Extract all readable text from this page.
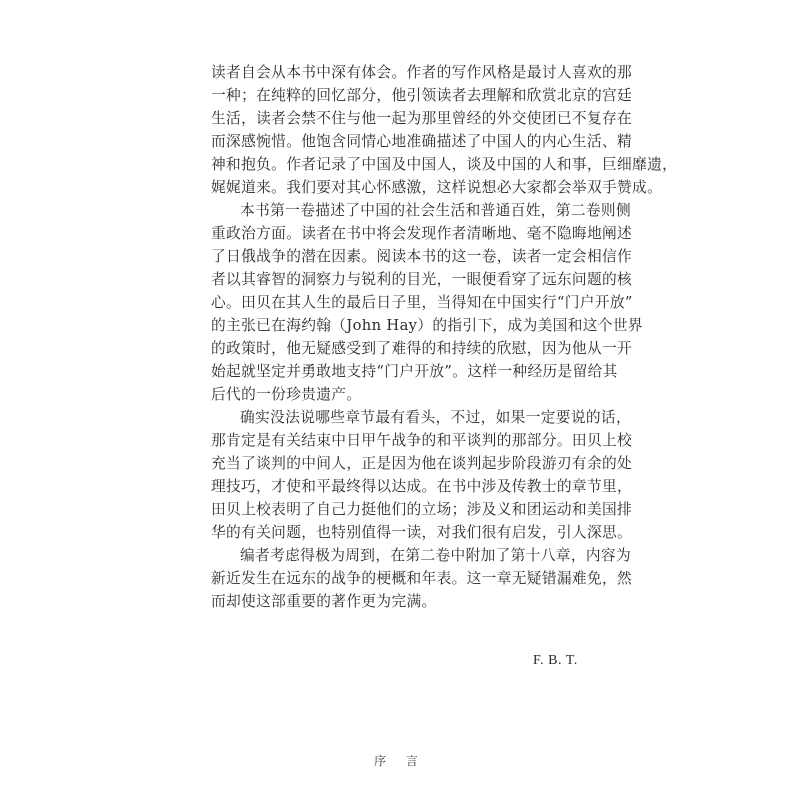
读者自会从本书中深有体会。作者的写作风格是最讨人喜欢的那
一种；在纯粹的回忆部分，他引领读者去理解和欣赏北京的宫廷
生活，读者会禁不住与他一起为那里曾经的外交使团已不复存在
而深感惋惜。他饱含同情心地准确描述了中国人的内心生活、精
神和抱负。作者记录了中国及中国人，谈及中国的人和事，巨细靡遗，
娓娓道来。我们要对其心怀感激，这样说想必大家都会举双手赞成。
本书第一卷描述了中国的社会生活和普通百姓，第二卷则侧
重政治方面。读者在书中将会发现作者清晰地、毫不隐晦地阐述
了日俄战争的潜在因素。阅读本书的这一卷，读者一定会相信作
者以其睿智的洞察力与锐利的目光，一眼便看穿了远东问题的核
心。田贝在其人生的最后日子里，当得知在中国实行“门户开放”
的主张已在海约翰（John Hay）的指引下，成为美国和这个世界
的政策时，他无疑感受到了难得的和持续的欣慰，因为他从一开
始起就坚定并勇敢地支持“门户开放”。这样一种经历是留给其
后代的一份珍贵遗产。
确实没法说哪些章节最有看头，不过，如果一定要说的话，
那肯定是有关结束中日甲午战争的和平谈判的那部分。田贝上校
充当了谈判的中间人，正是因为他在谈判起步阶段游刃有余的处
理技巧，才使和平最终得以达成。在书中涉及传教士的章节里，
田贝上校表明了自己力挺他们的立场；涉及义和团运动和美国排
华的有关问题，也特别值得一读，对我们很有启发，引人深思。
编者考虑得极为周到，在第二卷中附加了第十八章，内容为
新近发生在远东的战争的梗概和年表。这一章无疑错漏难免，然
而却使这部重要的著作更为完满。
F. B. T.
序 言
